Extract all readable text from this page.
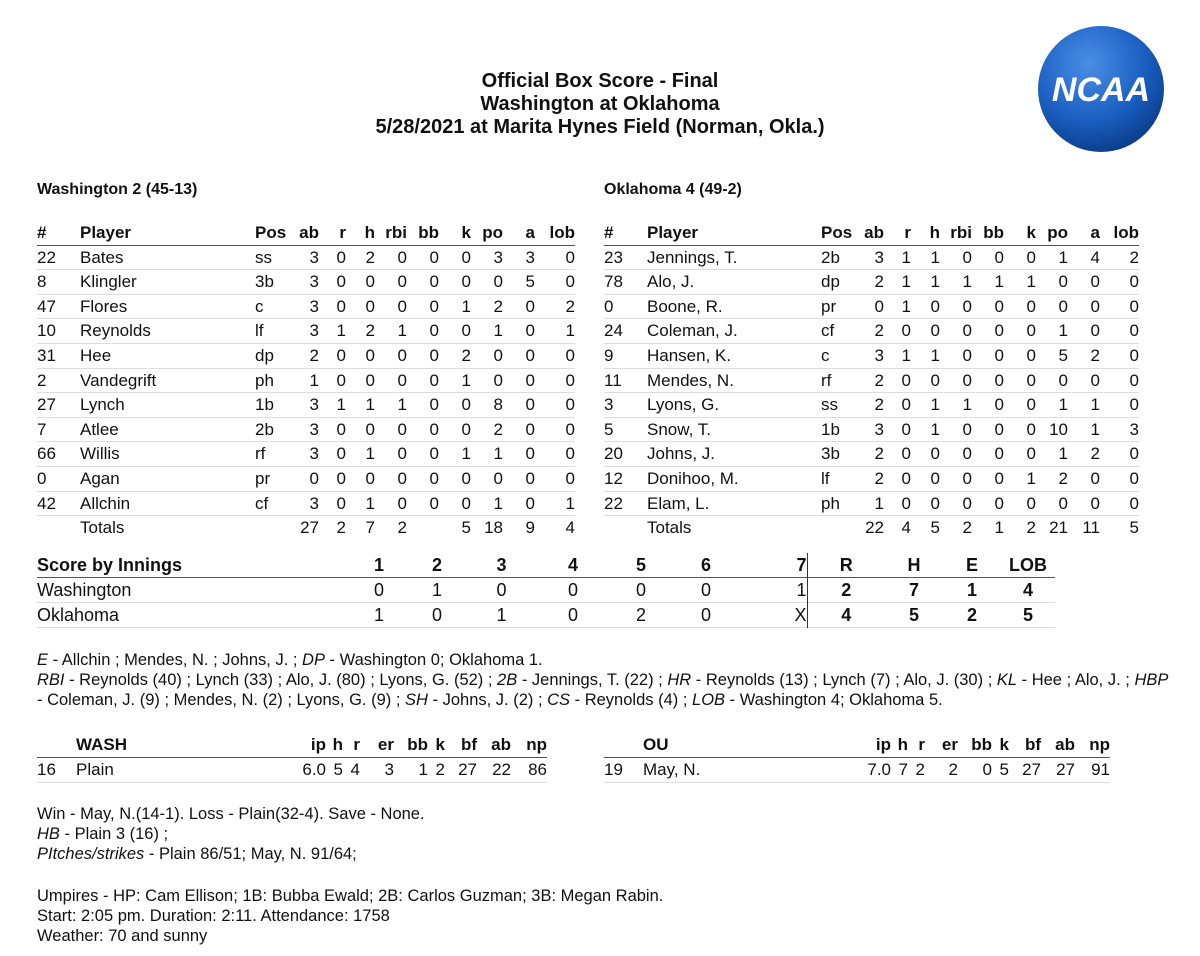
Official Box Score - Final
Washington at Oklahoma
5/28/2021 at Marita Hynes Field (Norman, Okla.)
NCAA
Washington 2 (45-13)	Oklahoma 4 (49-2)
#	Player	Pos	ab	r	h	rbi	bb	k	po	a	lob
22	Bates	ss	3	0	2	0	0	0	3	3	0
8	Klingler	3b	3	0	0	0	0	0	0	5	0
47	Flores	c	3	0	0	0	0	1	2	0	2
10	Reynolds	lf	3	1	2	1	0	0	1	0	1
31	Hee	dp	2	0	0	0	0	2	0	0	0
2	Vandegrift	ph	1	0	0	0	0	1	0	0	0
27	Lynch	1b	3	1	1	1	0	0	8	0	0
7	Atlee	2b	3	0	0	0	0	0	2	0	0
66	Willis	rf	3	0	1	0	0	1	1	0	0
0	Agan	pr	0	0	0	0	0	0	0	0	0
42	Allchin	cf	3	0	1	0	0	0	1	0	1
	Totals		27	2	7	2		5	18	9	4
#	Player	Pos	ab	r	h	rbi	bb	k	po	a	lob
23	Jennings, T.	2b	3	1	1	0	0	0	1	4	2
78	Alo, J.	dp	2	1	1	1	1	1	0	0	0
0	Boone, R.	pr	0	1	0	0	0	0	0	0	0
24	Coleman, J.	cf	2	0	0	0	0	0	1	0	0
9	Hansen, K.	c	3	1	1	0	0	0	5	2	0
11	Mendes, N.	rf	2	0	0	0	0	0	0	0	0
3	Lyons, G.	ss	2	0	1	1	0	0	1	1	0
5	Snow, T.	1b	3	0	1	0	0	0	10	1	3
20	Johns, J.	3b	2	0	0	0	0	0	1	2	0
12	Donihoo, M.	lf	2	0	0	0	0	1	2	0	0
22	Elam, L.	ph	1	0	0	0	0	0	0	0	0
	Totals		22	4	5	2	1	2	21	11	5
Score by Innings	1	2	3	4	5	6	7	R	H	E	LOB
Washington	0	1	0	0	0	0	1	2	7	1	4
Oklahoma	1	0	1	0	2	0	X	4	5	2	5
E - Allchin ; Mendes, N. ; Johns, J. ; DP - Washington 0; Oklahoma 1.
RBI - Reynolds (40) ; Lynch (33) ; Alo, J. (80) ; Lyons, G. (52) ; 2B - Jennings, T. (22) ; HR - Reynolds (13) ; Lynch (7) ; Alo, J. (30) ; KL - Hee ; Alo, J. ; HBP - Coleman, J. (9) ; Mendes, N. (2) ; Lyons, G. (9) ; SH - Johns, J. (2) ; CS - Reynolds (4) ; LOB - Washington 4; Oklahoma 5.
	WASH	ip	h	r	er	bb	k	bf	ab	np
16	Plain	6.0	5	4	3	1	2	27	22	86
	OU	ip	h	r	er	bb	k	bf	ab	np
19	May, N.	7.0	7	2	2	0	5	27	27	91
Win - May, N.(14-1). Loss - Plain(32-4). Save - None.
HB - Plain 3 (16) ;
PItches/strikes - Plain 86/51; May, N. 91/64;
Umpires - HP: Cam Ellison; 1B: Bubba Ewald; 2B: Carlos Guzman; 3B: Megan Rabin.
Start: 2:05 pm. Duration: 2:11. Attendance: 1758
Weather: 70 and sunny
